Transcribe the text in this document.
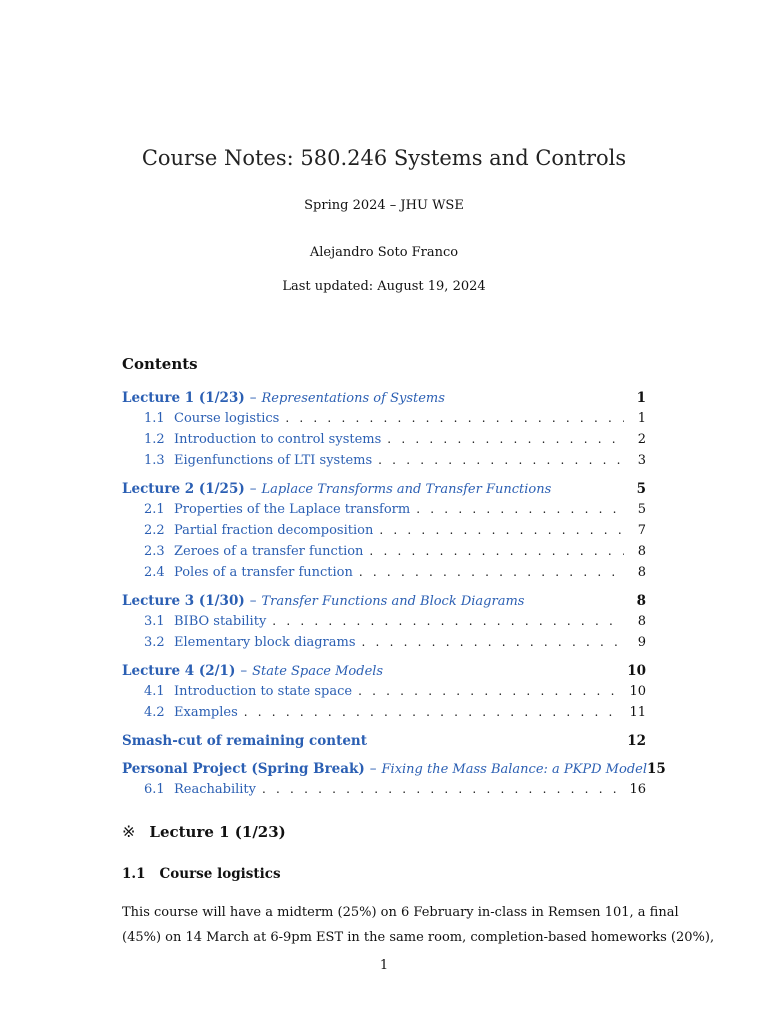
Course Notes: 580.246 Systems and Controls
Spring 2024 – JHU WSE
Alejandro Soto Franco
Last updated: August 19, 2024
Contents
Lecture 1 (1/23) – Representations of Systems	1
1.1 Course logistics . . .	1
1.2 Introduction to control systems . . .	2
1.3 Eigenfunctions of LTI systems . . .	3
Lecture 2 (1/25) – Laplace Transforms and Transfer Functions	5
2.1 Properties of the Laplace transform . . .	5
2.2 Partial fraction decomposition . . .	7
2.3 Zeroes of a transfer function . . .	8
2.4 Poles of a transfer function . . .	8
Lecture 3 (1/30) – Transfer Functions and Block Diagrams	8
3.1 BIBO stability . . .	8
3.2 Elementary block diagrams . . .	9
Lecture 4 (2/1) – State Space Models	10
4.1 Introduction to state space . . .	10
4.2 Examples . . .	11
Smash-cut of remaining content	12
Personal Project (Spring Break) – Fixing the Mass Balance: a PKPD Model 15
6.1 Reachability . . .	16
※ Lecture 1 (1/23)
1.1 Course logistics
This course will have a midterm (25%) on 6 February in-class in Remsen 101, a final
(45%) on 14 March at 6-9pm EST in the same room, completion-based homeworks (20%),
1
